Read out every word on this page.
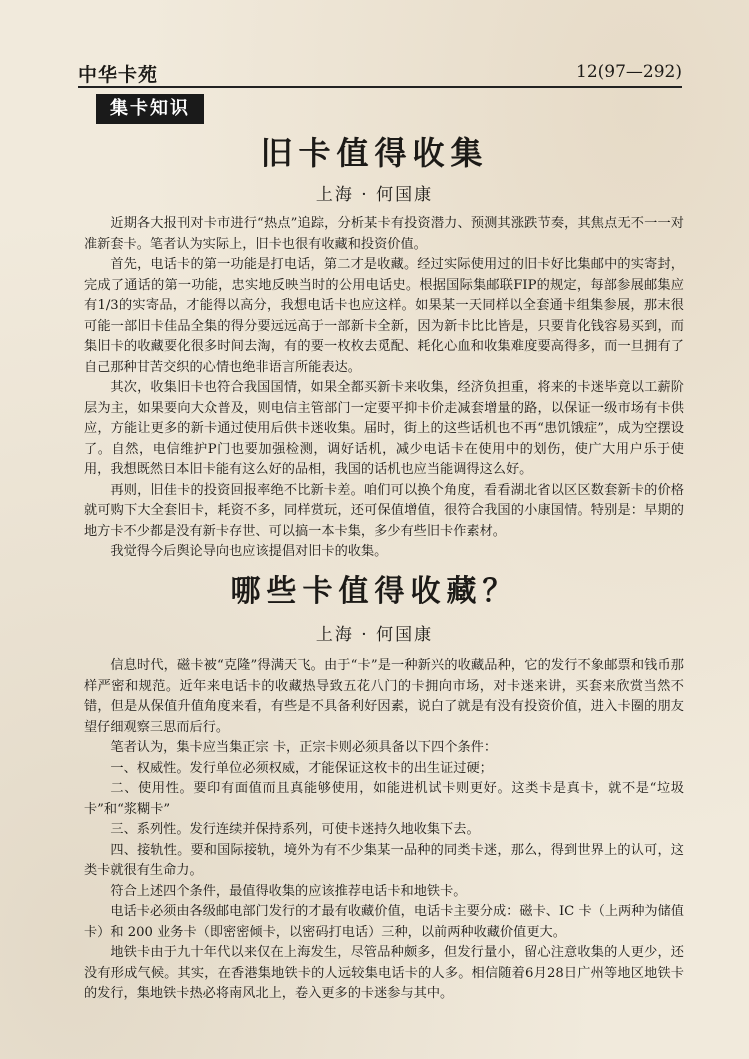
中华卡苑	12(97—292)
集卡知识
旧卡值得收集
上海 · 何国康

近期各大报刊对卡市进行“热点”追踪，分析某卡有投资潜力、预测其涨跌节奏，其焦点无不一一对准新套卡。笔者认为实际上，旧卡也很有收藏和投资价值。

首先，电话卡的第一功能是打电话，第二才是收藏。经过实际使用过的旧卡好比集邮中的实寄封，完成了通话的第一功能，忠实地反映当时的公用电话史。根据国际集邮联FIP的规定，每部参展邮集应有1/3的实寄品，才能得以高分，我想电话卡也应这样。如果某一天同样以全套通卡组集参展，那末很可能一部旧卡佳品全集的得分要远远高于一部新卡全新，因为新卡比比皆是，只要肯化钱容易买到，而集旧卡的收藏要化很多时间去淘，有的要一枚枚去觅配、耗化心血和收集难度要高得多，而一旦拥有了自己那种甘苦交织的心情也绝非语言所能表达。

其次，收集旧卡也符合我国国情，如果全都买新卡来收集，经济负担重，将来的卡迷毕竟以工薪阶层为主，如果要向大众普及，则电信主管部门一定要平抑卡价走减套增量的路，以保证一级市场有卡供应，方能让更多的新卡通过使用后供卡迷收集。届时，街上的这些话机也不再“患饥饿症”，成为空摆设了。自然，电信维护P门也要加强检测，调好话机，减少电话卡在使用中的划伤，使广大用户乐于使用，我想既然日本旧卡能有这么好的品相，我国的话机也应当能调得这么好。

再则，旧佳卡的投资回报率绝不比新卡差。咱们可以换个角度，看看湖北省以区区数套新卡的价格就可购下大全套旧卡，耗资不多，同样赏玩，还可保值增值，很符合我国的小康国情。特别是：早期的地方卡不少都是没有新卡存世、可以搞一本卡集，多少有些旧卡作素材。

我觉得今后舆论导向也应该提倡对旧卡的收集。

哪些卡值得收藏？
上海 · 何国康

信息时代，磁卡被“克隆”得满天飞。由于“卡”是一种新兴的收藏品种，它的发行不象邮票和钱币那样严密和规范。近年来电话卡的收藏热导致五花八门的卡拥向市场，对卡迷来讲，买套来欣赏当然不错，但是从保值升值角度来看，有些是不具备利好因素，说白了就是有没有投资价值，进入卡圈的朋友望仔细观察三思而后行。

笔者认为，集卡应当集正宗 卡，正宗卡则必须具备以下四个条件：

一、权威性。发行单位必须权威，才能保证这枚卡的出生证过硬；

二、使用性。要印有面值而且真能够使用，如能进机试卡则更好。这类卡是真卡，就不是“垃圾卡”和“浆糊卡”

三、系列性。发行连续并保持系列，可使卡迷持久地收集下去。

四、接轨性。要和国际接轨，境外为有不少集某一品种的同类卡迷，那么，得到世界上的认可，这类卡就很有生命力。

符合上述四个条件，最值得收集的应该推荐电话卡和地铁卡。

电话卡必须由各级邮电部门发行的才最有收藏价值，电话卡主要分成：磁卡、IC 卡（上两种为储值卡）和 200 业务卡（即密密倾卡，以密码打电话）三种，以前两种收藏价值更大。

地铁卡由于九十年代以来仅在上海发生，尽管品种颇多，但发行量小，留心注意收集的人更少，还没有形成气候。其实，在香港集地铁卡的人远较集电话卡的人多。相信随着6月28日广州等地区地铁卡的发行，集地铁卡热必将南风北上，卷入更多的卡迷参与其中。
